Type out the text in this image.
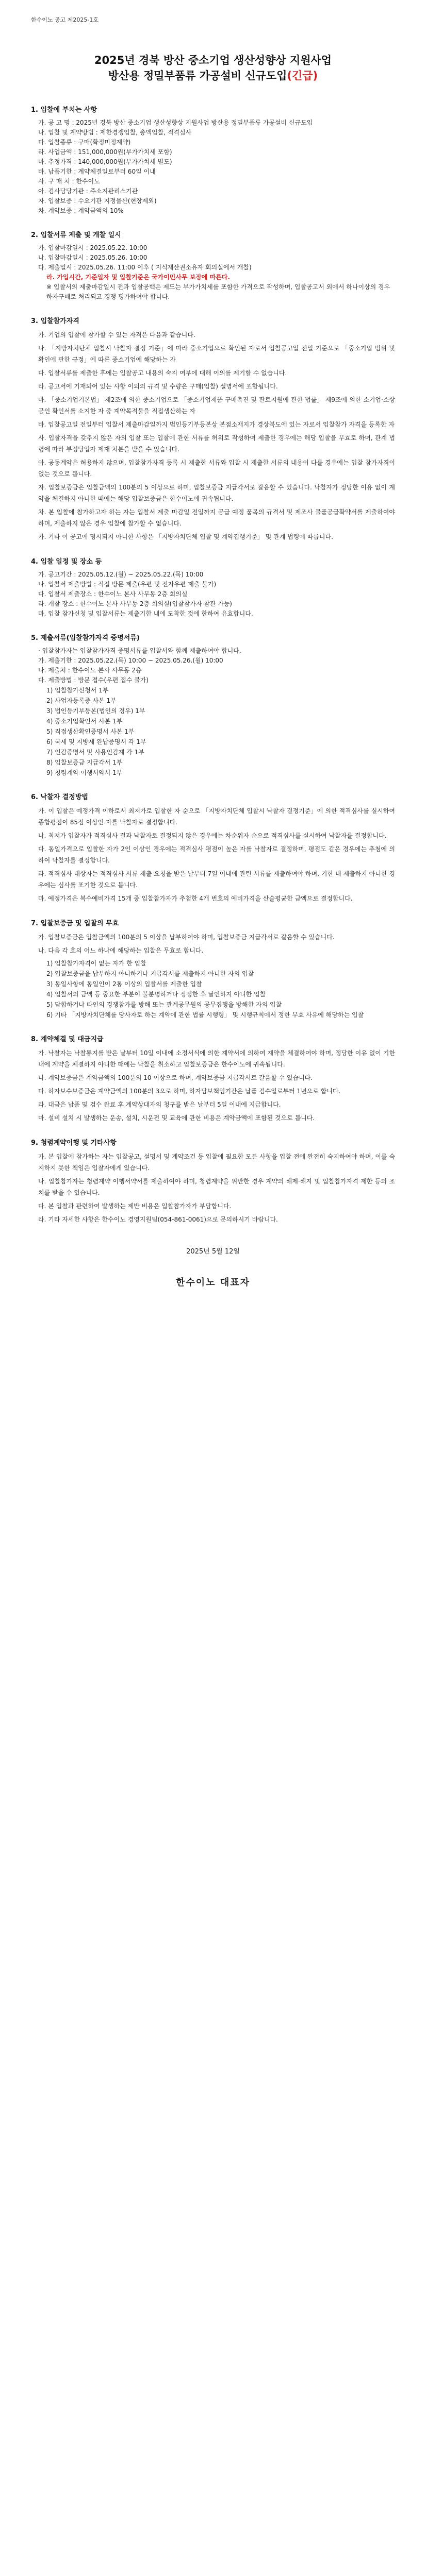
한수이노 공고 제2025-1호
2025년 경북 방산 중소기업 생산성향상 지원사업
방산용 정밀부품류 가공설비 신규도입(긴급)
1. 입찰에 부치는 사항
가. 공 고 명 : 2025년 경북 방산 중소기업 생산성향상 지원사업 방산용 정밀부품류 가공설비 신규도입
나. 입찰 및 계약방법 : 제한경쟁입찰, 총액입찰, 적격심사
다. 입찰종류 : 구매(확정미정계약)
라. 사업금액 : 151,000,000원(부가가치세 포함)
마. 추정가격 : 140,000,000원(부가가치세 별도)
바. 납품기한 : 계약체결일로부터 60일 이내
사. 구 매 처 : 한수이노
아. 검사담당기관 : 주소지관리스기관
자. 입찰보증 : 수요기관 지정물산(현장제외)
차. 계약보증 : 계약금액의 10%
2. 입찰서류 제출 및 개찰 일시
가. 입찰마감일시 : 2025.05.22. 10:00
나. 입찰마감일시 : 2025.05.26. 10:00
다. 제출일시 : 2025.05.26. 11:00 이후 ( 지식재산권소유자 회의실에서 개찰)
라. 가입시간, 기준일자 및 입찰기준은 국가이민사무 보장에 따른다.
※ 입찰서의 제출마감일시 전과 입찰공백은 제도는 부가가치세를 포함한 가격으로 작성하며, 입찰공고서 외에서 하나이상의 경우 하자구매로 처리되고 경쟁 평가하여야 합니다.
3. 입찰참가자격
가. 기업의 입찰에 참가할 수 있는 자격은 다음과 같습니다.
나. 「지방자치단체 입찰시 낙찰자 결정 기준」에 따라 중소기업으로 확인된 자로서 입찰공고일 전일 기준으로 「중소기업 범위 및 확인에 관한 규정」에 따른 중소기업에 해당하는 자
다. 입찰서류를 제출한 후에는 입찰공고 내용의 숙지 여부에 대해 이의를 제기할 수 없습니다.
라. 공고서에 기재되어 있는 사항 이외의 규격 및 수량은 구매(입찰) 설명서에 포함됩니다.
마. 「중소기업기본법」 제2조에 의한 중소기업으로 「중소기업제품 구매촉진 및 판로지원에 관한 법률」 제9조에 의한 소기업·소상공인 확인서를 소지한 자 중 계약목적물을 직접생산하는 자
바. 입찰공고일 전일부터 입찰서 제출마감일까지 법인등기부등본상 본점소재지가 경상북도에 있는 자로서 입찰참가 자격을 등록한 자
사. 입찰자격을 갖추지 않은 자의 입찰 또는 입찰에 관한 서류를 허위로 작성하여 제출한 경우에는 해당 입찰을 무효로 하며, 관계 법령에 따라 부정당업자 제재 처분을 받을 수 있습니다.
아. 공동계약은 허용하지 않으며, 입찰참가자격 등록 시 제출한 서류와 입찰 시 제출한 서류의 내용이 다를 경우에는 입찰 참가자격이 없는 것으로 봅니다.
자. 입찰보증금은 입찰금액의 100분의 5 이상으로 하며, 입찰보증금 지급각서로 갈음할 수 있습니다. 낙찰자가 정당한 이유 없이 계약을 체결하지 아니한 때에는 해당 입찰보증금은 한수이노에 귀속됩니다.
차. 본 입찰에 참가하고자 하는 자는 입찰서 제출 마감일 전일까지 공급 예정 품목의 규격서 및 제조사 물품공급확약서를 제출하여야 하며, 제출하지 않은 경우 입찰에 참가할 수 없습니다.
카. 기타 이 공고에 명시되지 아니한 사항은 「지방자치단체 입찰 및 계약집행기준」 및 관계 법령에 따릅니다.
4. 입찰 일정 및 장소 등
가. 공고기간 : 2025.05.12.(월) ~ 2025.05.22.(목) 10:00
나. 입찰서 제출방법 : 직접 방문 제출(우편 및 전자우편 제출 불가)
다. 입찰서 제출장소 : 한수이노 본사 사무동 2층 회의실
라. 개찰 장소 : 한수이노 본사 사무동 2층 회의실(입찰참가자 참관 가능)
마. 입찰 참가신청 및 입찰서류는 제출기한 내에 도착한 것에 한하여 유효합니다.
5. 제출서류(입찰참가자격 증명서류)
· 입찰참가자는 입찰참가자격 증명서류를 입찰서와 함께 제출하여야 합니다.
가. 제출기한 : 2025.05.22.(목) 10:00 ~ 2025.05.26.(월) 10:00
나. 제출처 : 한수이노 본사 사무동 2층
다. 제출방법 : 방문 접수(우편 접수 불가)
1) 입찰참가신청서 1부
2) 사업자등록증 사본 1부
3) 법인등기부등본(법인의 경우) 1부
4) 중소기업확인서 사본 1부
5) 직접생산확인증명서 사본 1부
6) 국세 및 지방세 완납증명서 각 1부
7) 인감증명서 및 사용인감계 각 1부
8) 입찰보증금 지급각서 1부
9) 청렴계약 이행서약서 1부
6. 낙찰자 결정방법
가. 이 입찰은 예정가격 이하로서 최저가로 입찰한 자 순으로 「지방자치단체 입찰시 낙찰자 결정기준」에 의한 적격심사를 실시하여 종합평점이 85점 이상인 자를 낙찰자로 결정합니다.
나. 최저가 입찰자가 적격심사 결과 낙찰자로 결정되지 않은 경우에는 차순위자 순으로 적격심사를 실시하여 낙찰자를 결정합니다.
다. 동일가격으로 입찰한 자가 2인 이상인 경우에는 적격심사 평점이 높은 자를 낙찰자로 결정하며, 평점도 같은 경우에는 추첨에 의하여 낙찰자를 결정합니다.
라. 적격심사 대상자는 적격심사 서류 제출 요청을 받은 날부터 7일 이내에 관련 서류를 제출하여야 하며, 기한 내 제출하지 아니한 경우에는 심사를 포기한 것으로 봅니다.
마. 예정가격은 복수예비가격 15개 중 입찰참가자가 추첨한 4개 번호의 예비가격을 산술평균한 금액으로 결정합니다.
7. 입찰보증금 및 입찰의 무효
가. 입찰보증금은 입찰금액의 100분의 5 이상을 납부하여야 하며, 입찰보증금 지급각서로 갈음할 수 있습니다.
나. 다음 각 호의 어느 하나에 해당하는 입찰은 무효로 합니다.
1) 입찰참가자격이 없는 자가 한 입찰
2) 입찰보증금을 납부하지 아니하거나 지급각서를 제출하지 아니한 자의 입찰
3) 동일사항에 동일인이 2통 이상의 입찰서를 제출한 입찰
4) 입찰서의 금액 등 중요한 부분이 불분명하거나 정정한 후 날인하지 아니한 입찰
5) 담합하거나 타인의 경쟁참가를 방해 또는 관계공무원의 공무집행을 방해한 자의 입찰
6) 기타 「지방자치단체를 당사자로 하는 계약에 관한 법률 시행령」 및 시행규칙에서 정한 무효 사유에 해당하는 입찰
8. 계약체결 및 대금지급
가. 낙찰자는 낙찰통지를 받은 날부터 10일 이내에 소정서식에 의한 계약서에 의하여 계약을 체결하여야 하며, 정당한 이유 없이 기한 내에 계약을 체결하지 아니한 때에는 낙찰을 취소하고 입찰보증금은 한수이노에 귀속됩니다.
나. 계약보증금은 계약금액의 100분의 10 이상으로 하며, 계약보증금 지급각서로 갈음할 수 있습니다.
다. 하자보수보증금은 계약금액의 100분의 3으로 하며, 하자담보책임기간은 납품 검수일로부터 1년으로 합니다.
라. 대금은 납품 및 검수 완료 후 계약상대자의 청구를 받은 날부터 5일 이내에 지급합니다.
마. 설비 설치 시 발생하는 운송, 설치, 시운전 및 교육에 관한 비용은 계약금액에 포함된 것으로 봅니다.
9. 청렴계약이행 및 기타사항
가. 본 입찰에 참가하는 자는 입찰공고, 설명서 및 계약조건 등 입찰에 필요한 모든 사항을 입찰 전에 완전히 숙지하여야 하며, 이를 숙지하지 못한 책임은 입찰자에게 있습니다.
나. 입찰참가자는 청렴계약 이행서약서를 제출하여야 하며, 청렴계약을 위반한 경우 계약의 해제·해지 및 입찰참가자격 제한 등의 조치를 받을 수 있습니다.
다. 본 입찰과 관련하여 발생하는 제반 비용은 입찰참가자가 부담합니다.
라. 기타 자세한 사항은 한수이노 경영지원팀(054-861-0061)으로 문의하시기 바랍니다.
2025년 5월 12일
한수이노 대표자
